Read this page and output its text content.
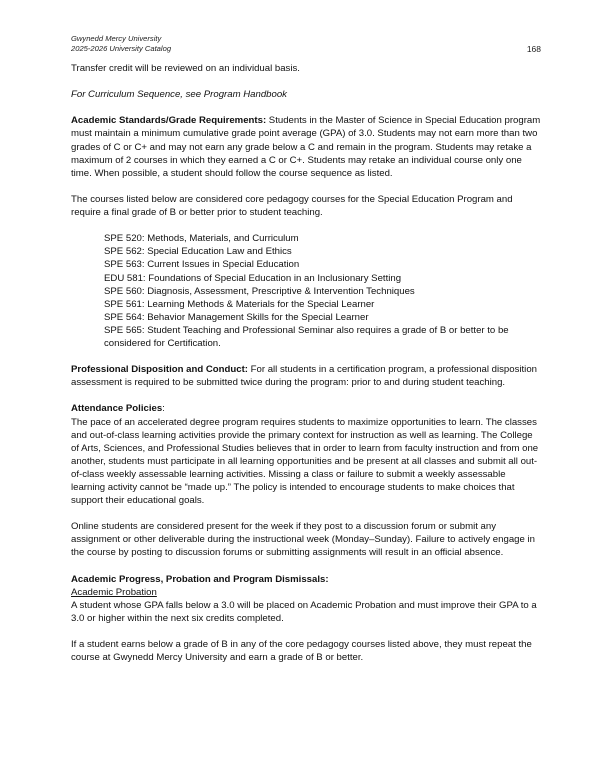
Gwynedd Mercy University
2025-2026 University Catalog	168

Transfer credit will be reviewed on an individual basis.

For Curriculum Sequence, see Program Handbook

Academic Standards/Grade Requirements: Students in the Master of Science in Special Education program must maintain a minimum cumulative grade point average (GPA) of 3.0. Students may not earn more than two grades of C or C+ and may not earn any grade below a C and remain in the program. Students may retake a maximum of 2 courses in which they earned a C or C+. Students may retake an individual course only one time. When possible, a student should follow the course sequence as listed.

The courses listed below are considered core pedagogy courses for the Special Education Program and require a final grade of B or better prior to student teaching.

SPE 520: Methods, Materials, and Curriculum

SPE 562: Special Education Law and Ethics

SPE 563: Current Issues in Special Education

EDU 581: Foundations of Special Education in an Inclusionary Setting

SPE 560: Diagnosis, Assessment, Prescriptive & Intervention Techniques

SPE 561: Learning Methods & Materials for the Special Learner

SPE 564: Behavior Management Skills for the Special Learner

SPE 565: Student Teaching and Professional Seminar also requires a grade of B or better to be considered for Certification.

Professional Disposition and Conduct: For all students in a certification program, a professional disposition assessment is required to be submitted twice during the program: prior to and during student teaching.

Attendance Policies:

The pace of an accelerated degree program requires students to maximize opportunities to learn. The classes and out-of-class learning activities provide the primary context for instruction as well as learning. The College of Arts, Sciences, and Professional Studies believes that in order to learn from faculty instruction and from one another, students must participate in all learning opportunities and be present at all classes and submit all out-of-class weekly assessable learning activities. Missing a class or failure to submit a weekly assessable learning activity cannot be “made up.” The policy is intended to encourage students to make choices that support their educational goals.

Online students are considered present for the week if they post to a discussion forum or submit any assignment or other deliverable during the instructional week (Monday–Sunday). Failure to actively engage in the course by posting to discussion forums or submitting assignments will result in an official absence.

Academic Progress, Probation and Program Dismissals:

Academic Probation

A student whose GPA falls below a 3.0 will be placed on Academic Probation and must improve their GPA to a 3.0 or higher within the next six credits completed.

If a student earns below a grade of B in any of the core pedagogy courses listed above, they must repeat the course at Gwynedd Mercy University and earn a grade of B or better.
